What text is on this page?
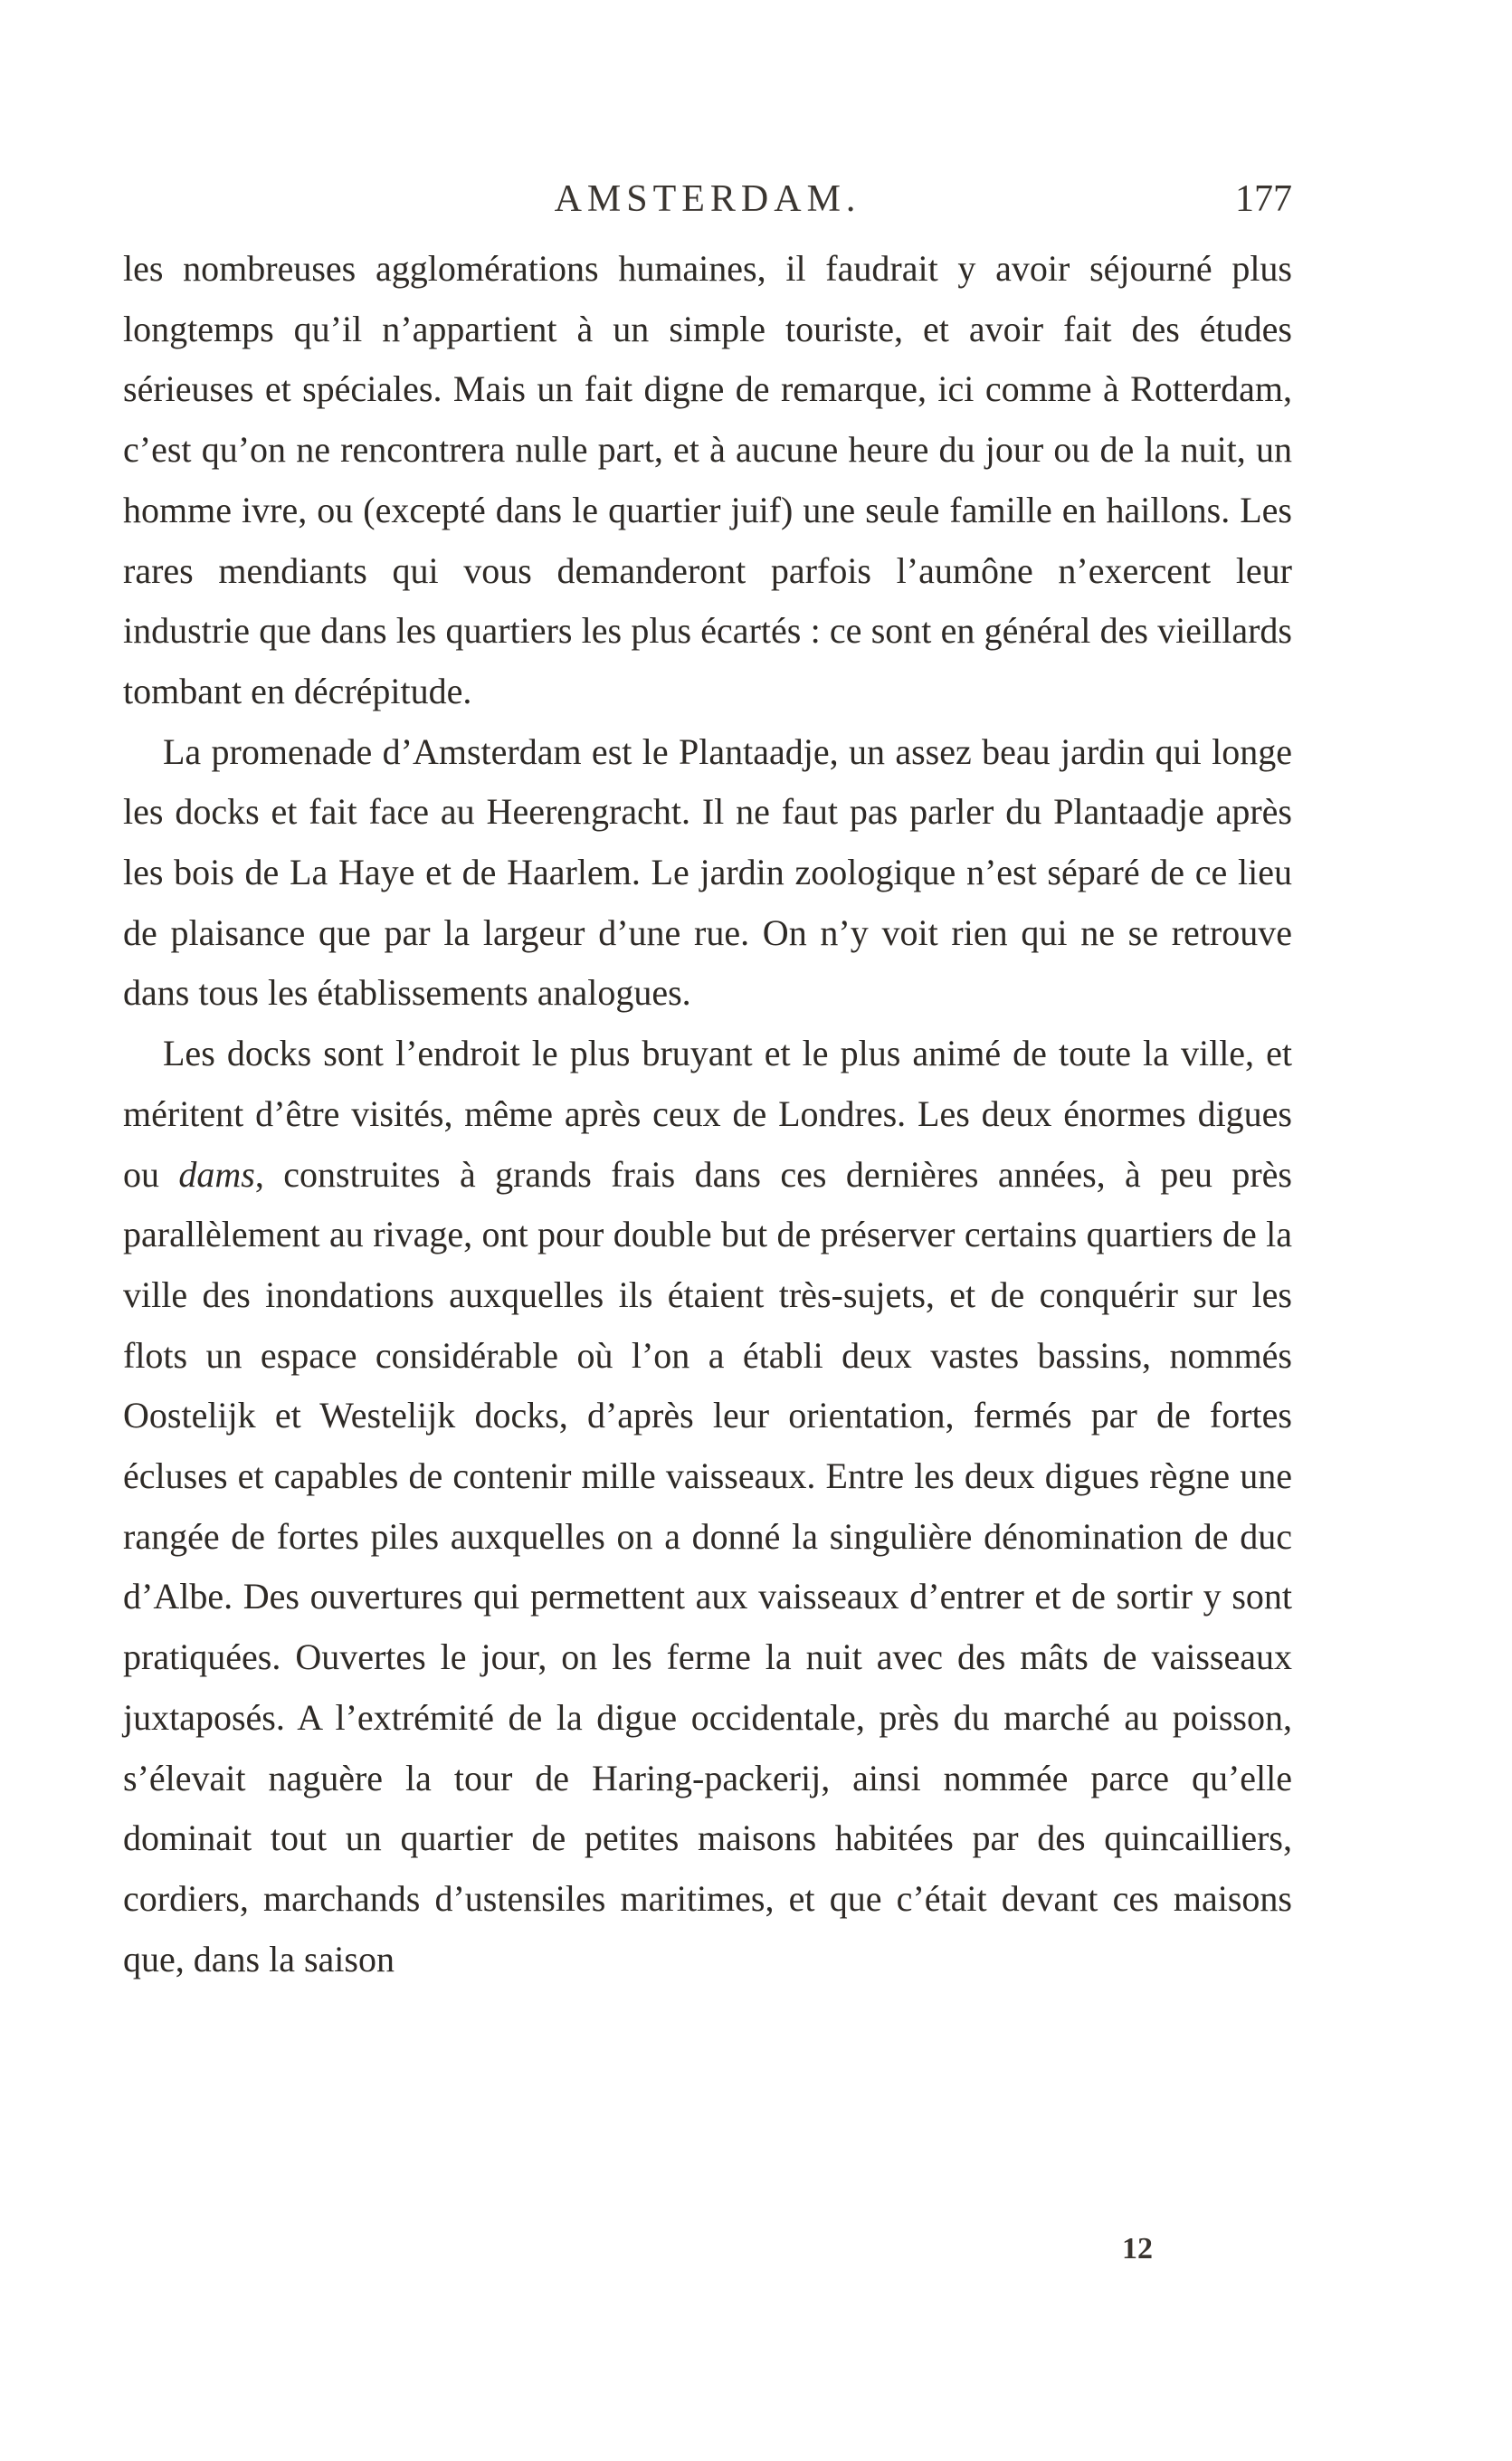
AMSTERDAM.	177

les nombreuses agglomérations humaines, il faudrait y avoir séjourné plus longtemps qu’il n’appartient à un simple touriste, et avoir fait des études sérieuses et spéciales. Mais un fait digne de remarque, ici comme à Rotterdam, c’est qu’on ne rencontrera nulle part, et à aucune heure du jour ou de la nuit, un homme ivre, ou (excepté dans le quartier juif) une seule famille en haillons. Les rares mendiants qui vous demanderont parfois l’aumône n’exercent leur industrie que dans les quartiers les plus écartés : ce sont en général des vieillards tombant en décrépitude.

La promenade d’Amsterdam est le Plantaadje, un assez beau jardin qui longe les docks et fait face au Heerengracht. Il ne faut pas parler du Plantaadje après les bois de La Haye et de Haarlem. Le jardin zoologique n’est séparé de ce lieu de plaisance que par la largeur d’une rue. On n’y voit rien qui ne se retrouve dans tous les établissements analogues.

Les docks sont l’endroit le plus bruyant et le plus animé de toute la ville, et méritent d’être visités, même après ceux de Londres. Les deux énormes digues ou dams, construites à grands frais dans ces dernières années, à peu près parallèlement au rivage, ont pour double but de préserver certains quartiers de la ville des inondations auxquelles ils étaient très-sujets, et de conquérir sur les flots un espace considérable où l’on a établi deux vastes bassins, nommés Oostelijk et Westelijk docks, d’après leur orientation, fermés par de fortes écluses et capables de contenir mille vaisseaux. Entre les deux digues règne une rangée de fortes piles auxquelles on a donné la singulière dénomination de duc d’Albe. Des ouvertures qui permettent aux vaisseaux d’entrer et de sortir y sont pratiquées. Ouvertes le jour, on les ferme la nuit avec des mâts de vaisseaux juxtaposés. A l’extrémité de la digue occidentale, près du marché au poisson, s’élevait naguère la tour de Haring-packerij, ainsi nommée parce qu’elle dominait tout un quartier de petites maisons habitées par des quincailliers, cordiers, marchands d’ustensiles maritimes, et que c’était devant ces maisons que, dans la saison

12
